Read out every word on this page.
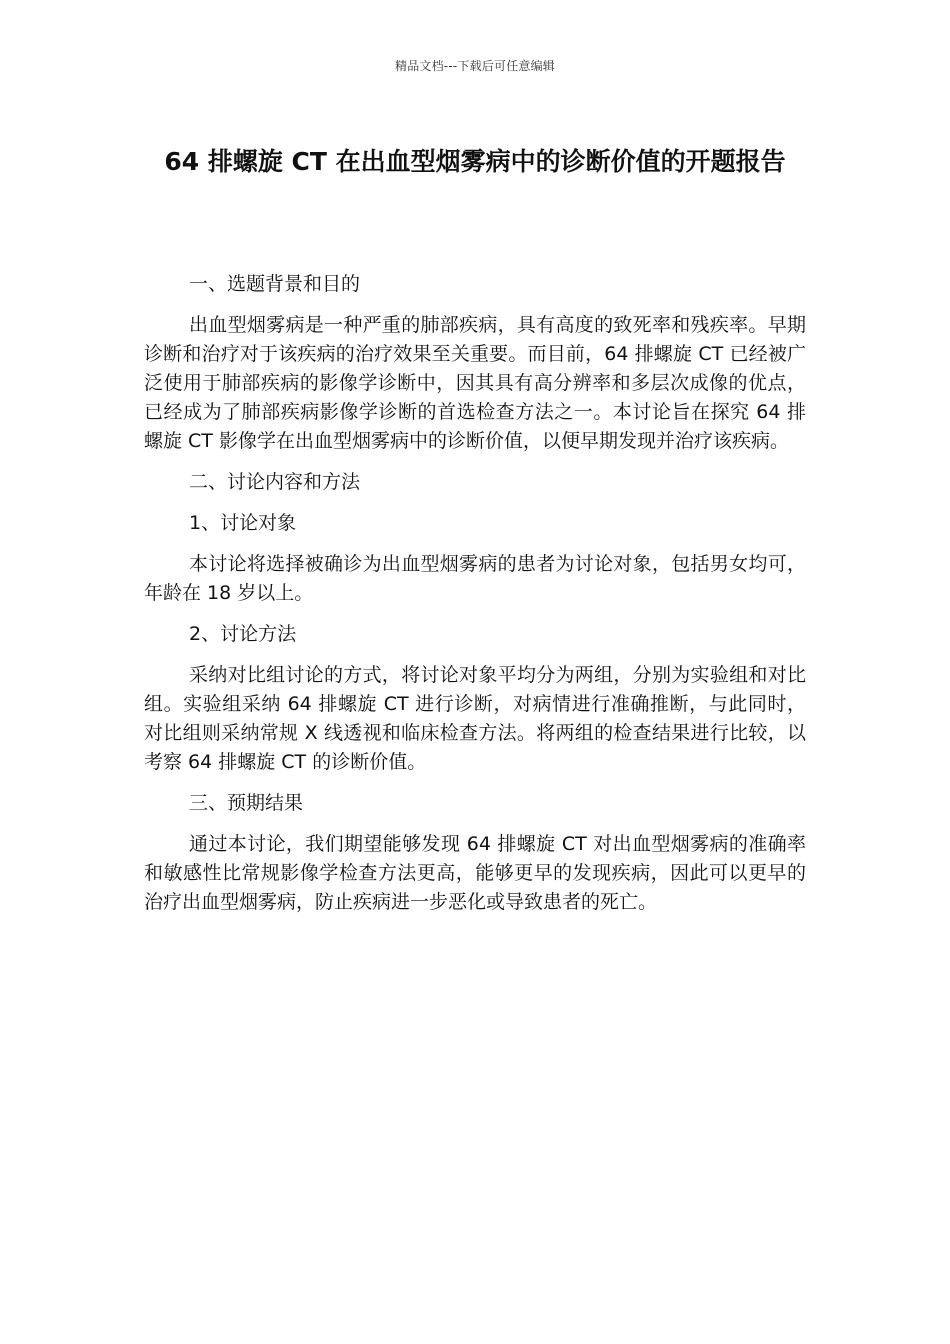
精品文档---下载后可任意编辑
64 排螺旋 CT 在出血型烟雾病中的诊断价值的开题报告

一、选题背景和目的

出血型烟雾病是一种严重的肺部疾病，具有高度的致死率和残疾率。早期诊断和治疗对于该疾病的治疗效果至关重要。而目前，64 排螺旋 CT 已经被广泛使用于肺部疾病的影像学诊断中，因其具有高分辨率和多层次成像的优点，已经成为了肺部疾病影像学诊断的首选检查方法之一。本讨论旨在探究 64 排螺旋 CT 影像学在出血型烟雾病中的诊断价值，以便早期发现并治疗该疾病。

二、讨论内容和方法

1、讨论对象

本讨论将选择被确诊为出血型烟雾病的患者为讨论对象，包括男女均可，年龄在 18 岁以上。

2、讨论方法

采纳对比组讨论的方式，将讨论对象平均分为两组，分别为实验组和对比组。实验组采纳 64 排螺旋 CT 进行诊断，对病情进行准确推断，与此同时，对比组则采纳常规 X 线透视和临床检查方法。将两组的检查结果进行比较，以考察 64 排螺旋 CT 的诊断价值。

三、预期结果

通过本讨论，我们期望能够发现 64 排螺旋 CT 对出血型烟雾病的准确率和敏感性比常规影像学检查方法更高，能够更早的发现疾病，因此可以更早的治疗出血型烟雾病，防止疾病进一步恶化或导致患者的死亡。
